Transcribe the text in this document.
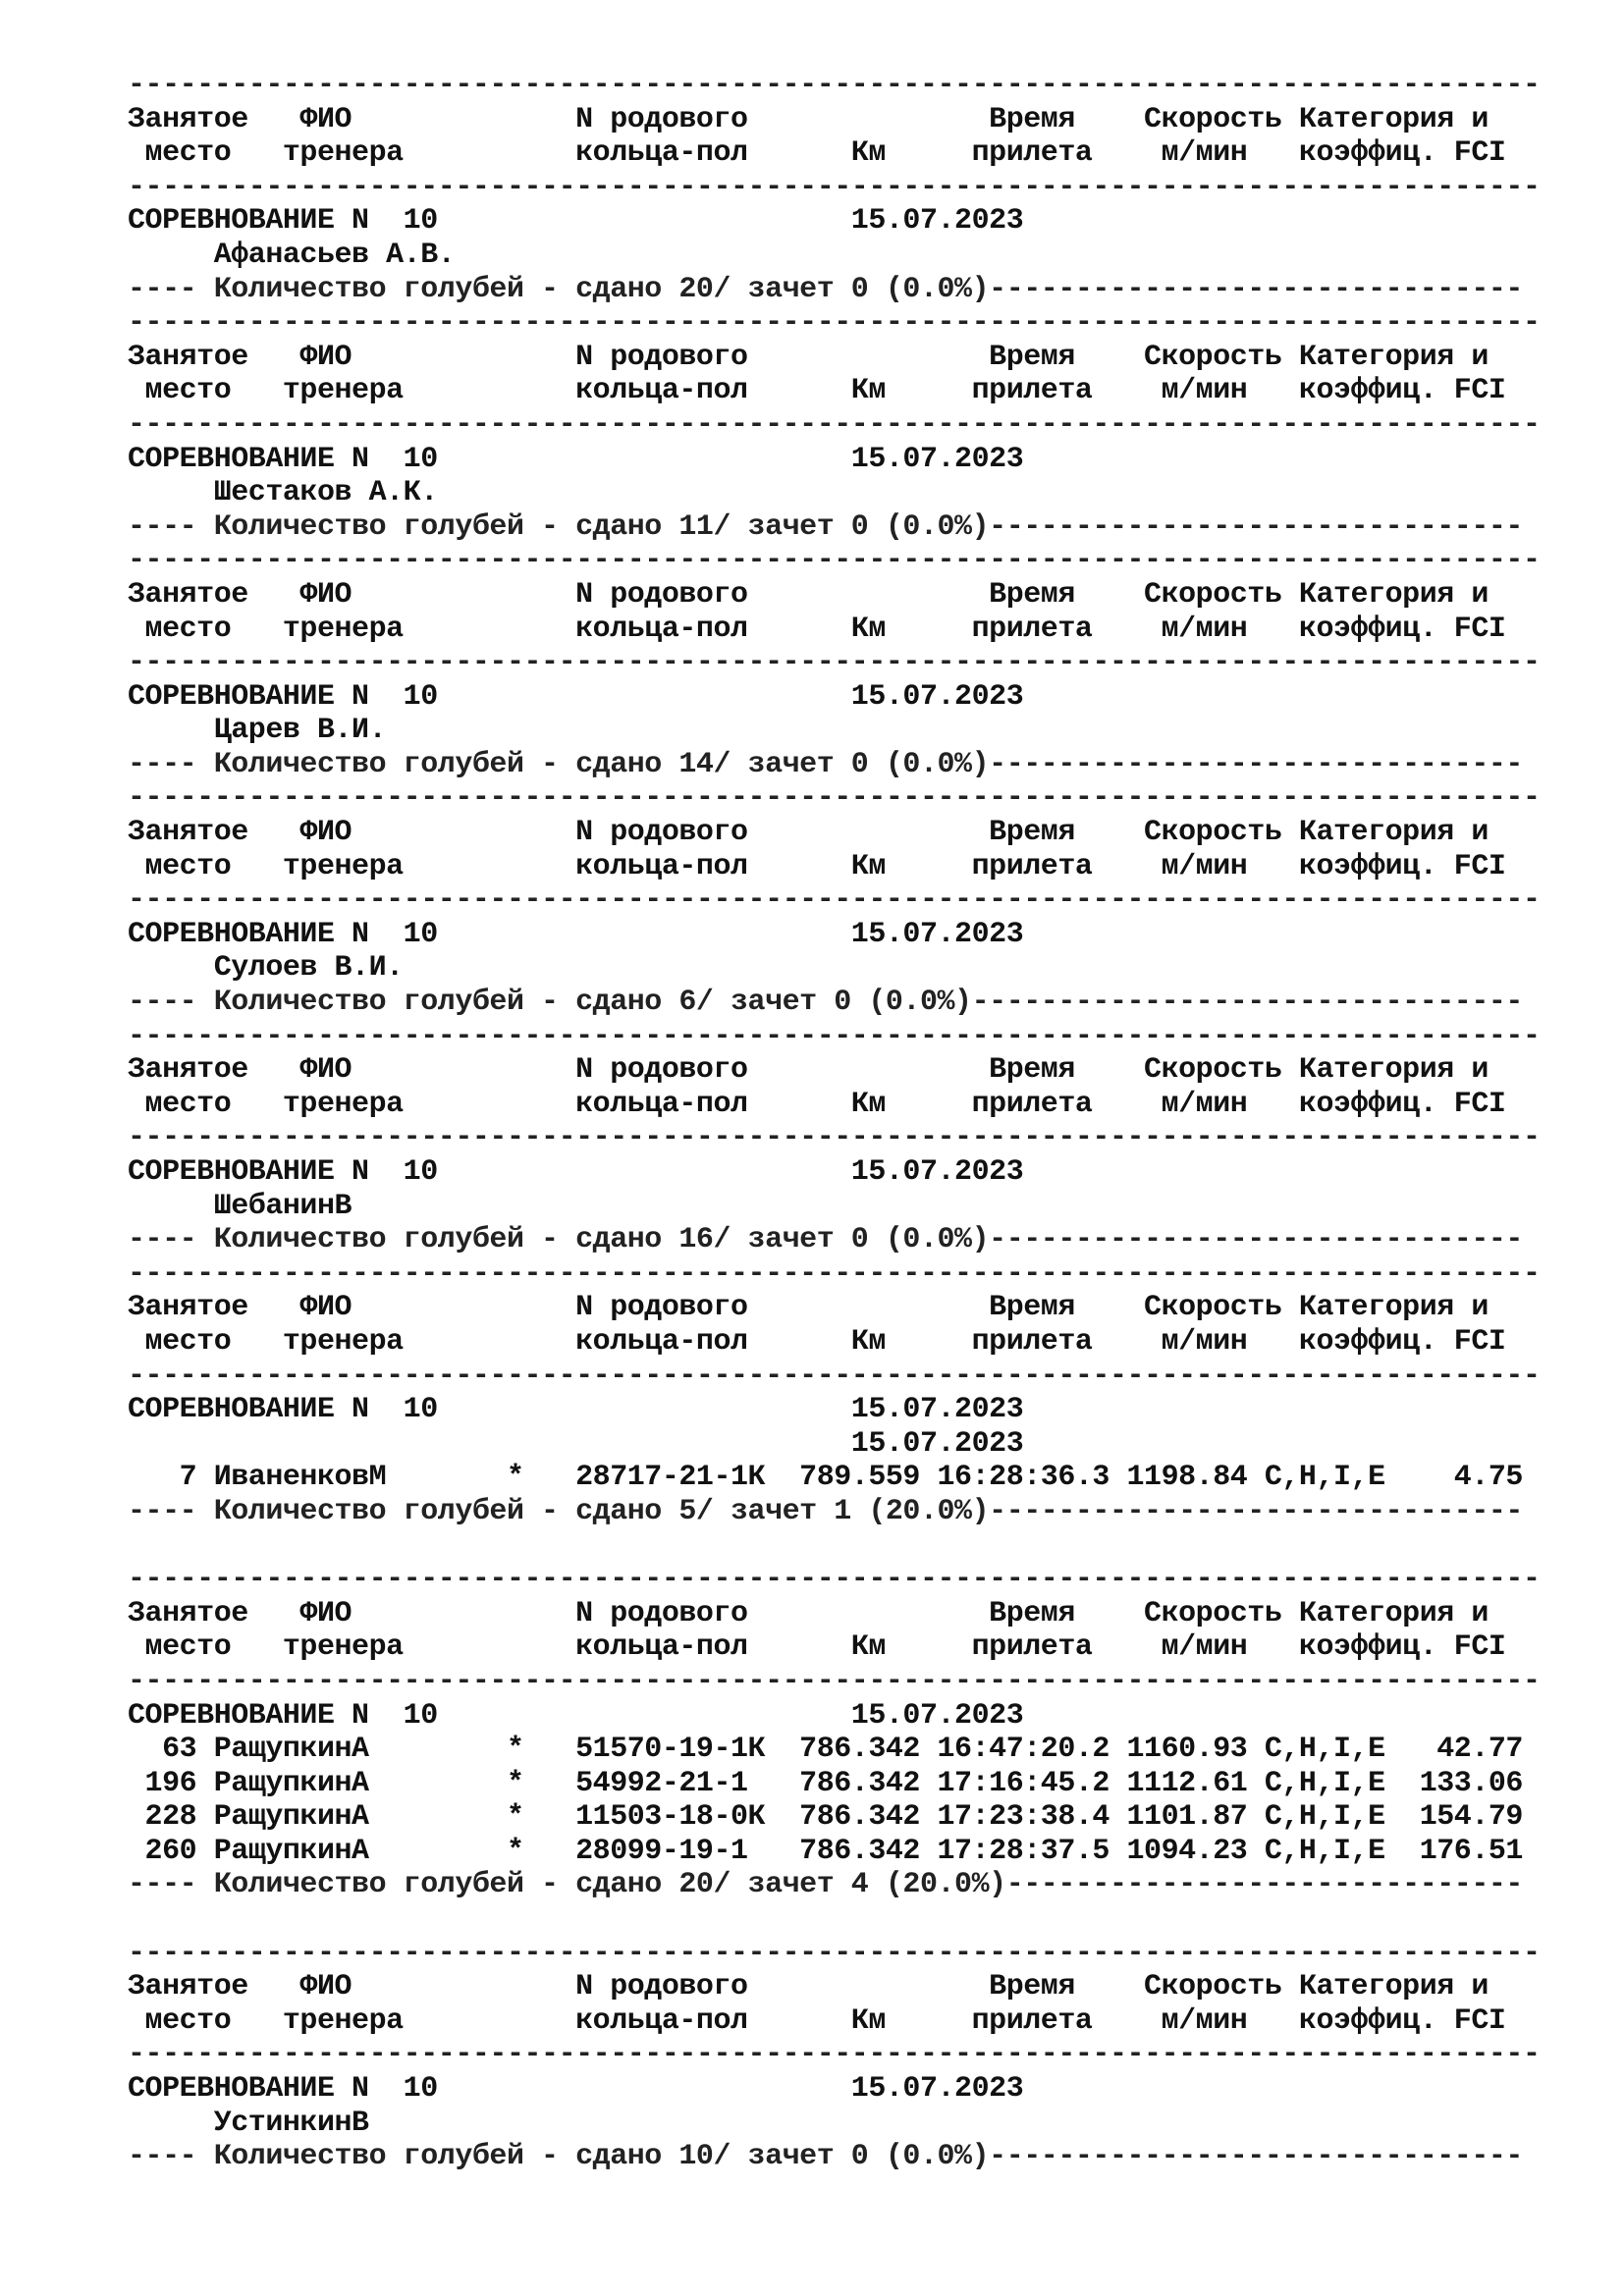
----------------------------------------------------------------------------------
Занятое   ФИО             N родового              Время    Скорость Категория и
место   тренера          кольца-пол      Км     прилета    м/мин   коэффиц. FCI
----------------------------------------------------------------------------------
СОРЕВНОВАНИЕ N  10                        15.07.2023
Афанасьев А.В.
---- Количество голубей - сдано 20/ зачет 0 (0.0%)-------------------------------
----------------------------------------------------------------------------------
Занятое   ФИО             N родового              Время    Скорость Категория и
место   тренера          кольца-пол      Км     прилета    м/мин   коэффиц. FCI
----------------------------------------------------------------------------------
СОРЕВНОВАНИЕ N  10                        15.07.2023
Шестаков А.К.
---- Количество голубей - сдано 11/ зачет 0 (0.0%)-------------------------------
----------------------------------------------------------------------------------
Занятое   ФИО             N родового              Время    Скорость Категория и
место   тренера          кольца-пол      Км     прилета    м/мин   коэффиц. FCI
----------------------------------------------------------------------------------
СОРЕВНОВАНИЕ N  10                        15.07.2023
Царев В.И.
---- Количество голубей - сдано 14/ зачет 0 (0.0%)-------------------------------
----------------------------------------------------------------------------------
Занятое   ФИО             N родового              Время    Скорость Категория и
место   тренера          кольца-пол      Км     прилета    м/мин   коэффиц. FCI
----------------------------------------------------------------------------------
СОРЕВНОВАНИЕ N  10                        15.07.2023
Сулоев В.И.
---- Количество голубей - сдано 6/ зачет 0 (0.0%)--------------------------------
----------------------------------------------------------------------------------
Занятое   ФИО             N родового              Время    Скорость Категория и
место   тренера          кольца-пол      Км     прилета    м/мин   коэффиц. FCI
----------------------------------------------------------------------------------
СОРЕВНОВАНИЕ N  10                        15.07.2023
ШебанинВ
---- Количество голубей - сдано 16/ зачет 0 (0.0%)-------------------------------
----------------------------------------------------------------------------------
Занятое   ФИО             N родового              Время    Скорость Категория и
место   тренера          кольца-пол      Км     прилета    м/мин   коэффиц. FCI
----------------------------------------------------------------------------------
СОРЕВНОВАНИЕ N  10                        15.07.2023
15.07.2023
7 ИваненковМ       *   28717-21-1К  789.559 16:28:36.3 1198.84 C,H,I,E    4.75
---- Количество голубей - сдано 5/ зачет 1 (20.0%)-------------------------------
----------------------------------------------------------------------------------
Занятое   ФИО             N родового              Время    Скорость Категория и
место   тренера          кольца-пол      Км     прилета    м/мин   коэффиц. FCI
----------------------------------------------------------------------------------
СОРЕВНОВАНИЕ N  10                        15.07.2023
63 РащупкинА        *   51570-19-1К  786.342 16:47:20.2 1160.93 C,H,I,E   42.77
196 РащупкинА        *   54992-21-1   786.342 17:16:45.2 1112.61 C,H,I,E  133.06
228 РащупкинА        *   11503-18-0К  786.342 17:23:38.4 1101.87 C,H,I,E  154.79
260 РащупкинА        *   28099-19-1   786.342 17:28:37.5 1094.23 C,H,I,E  176.51
---- Количество голубей - сдано 20/ зачет 4 (20.0%)------------------------------
----------------------------------------------------------------------------------
Занятое   ФИО             N родового              Время    Скорость Категория и
место   тренера          кольца-пол      Км     прилета    м/мин   коэффиц. FCI
----------------------------------------------------------------------------------
СОРЕВНОВАНИЕ N  10                        15.07.2023
УстинкинВ
---- Количество голубей - сдано 10/ зачет 0 (0.0%)-------------------------------
